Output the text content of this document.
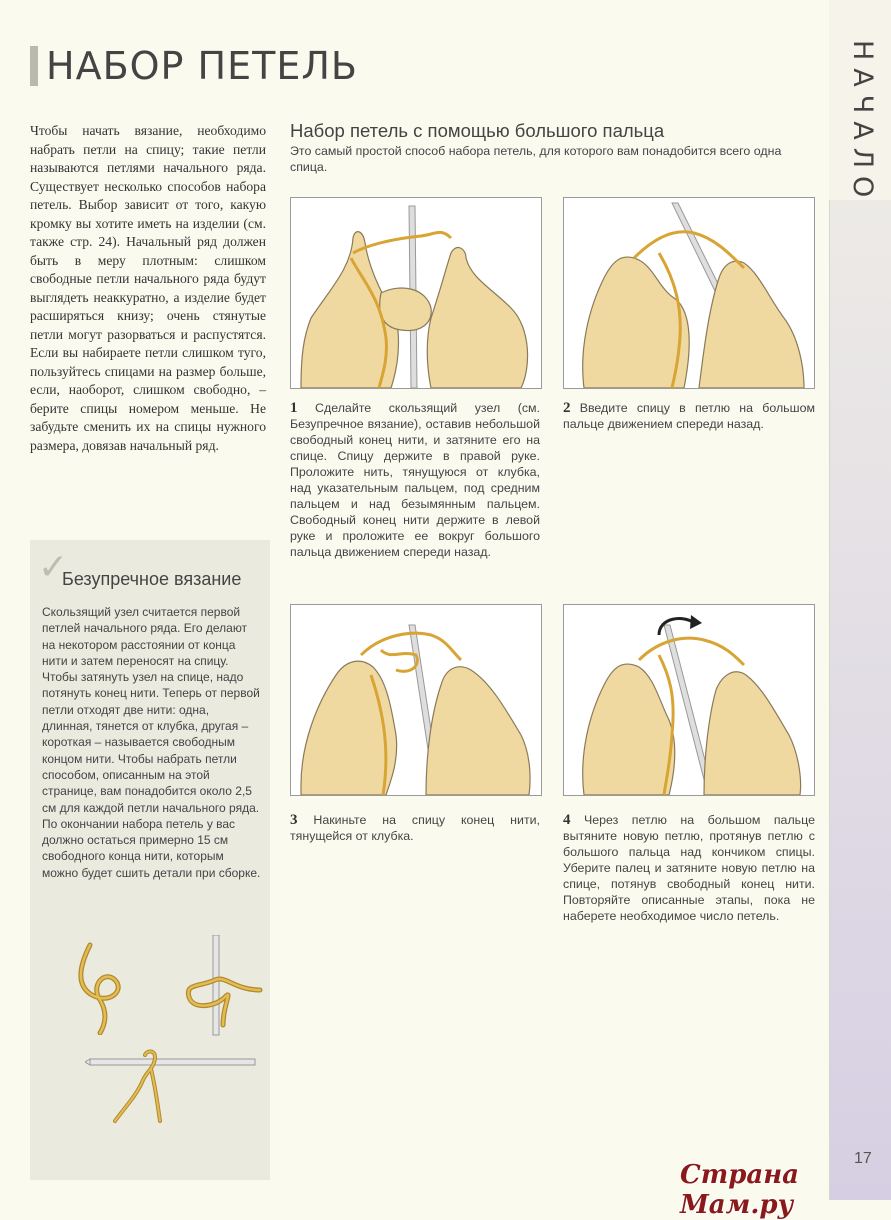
НАЧАЛО
17
НАБОР ПЕТЕЛЬ
Чтобы начать вязание, необходимо набрать петли на спицу; такие петли называются петлями начального ряда. Существует несколько способов набора петель. Выбор зависит от того, какую кромку вы хотите иметь на изделии (см. также стр. 24). Начальный ряд должен быть в меру плотным: слишком свободные петли начального ряда будут выглядеть неаккуратно, а изделие будет расширяться книзу; очень стянутые петли могут разорваться и распустятся. Если вы набираете петли слишком туго, пользуйтесь спицами на размер больше, если, наоборот, слишком свободно, – берите спицы номером меньше. Не забудьте сменить их на спицы нужного размера, довязав начальный ряд.
✓
Безупречное вязание
Скользящий узел считается первой петлей начального ряда. Его делают на некотором расстоянии от конца нити и затем переносят на спицу. Чтобы затянуть узел на спице, надо потянуть конец нити. Теперь от первой петли отходят две нити: одна, длинная, тянется от клубка, другая – короткая – называется свободным концом нити. Чтобы набрать петли способом, описанным на этой странице, вам понадобится около 2,5 см для каждой петли начального ряда. По окончании набора петель у вас должно остаться примерно 15 см свободного конца нити, которым можно будет сшить детали при сборке.
Набор петель с помощью большого пальца
Это самый простой способ набора петель, для которого вам понадобится всего одна спица.
1 Сделайте скользящий узел (см. Безупречное вязание), оставив небольшой свободный конец нити, и затяните его на спице. Спицу держите в правой руке. Проложите нить, тянущуюся от клубка, над указательным пальцем, под средним пальцем и над безымянным пальцем. Свободный конец нити держите в левой руке и проложите ее вокруг большого пальца движением спереди назад.
2 Введите спицу в петлю на большом пальце движением спереди назад.
3 Накиньте на спицу конец нити, тянущейся от клубка.
4 Через петлю на большом пальце вытяните новую петлю, протянув петлю с большого пальца над кончиком спицы. Уберите палец и затяните новую петлю на спице, потянув свободный конец нити. Повторяйте описанные этапы, пока не наберете необходимое число петель.
Страна Мам.ру
